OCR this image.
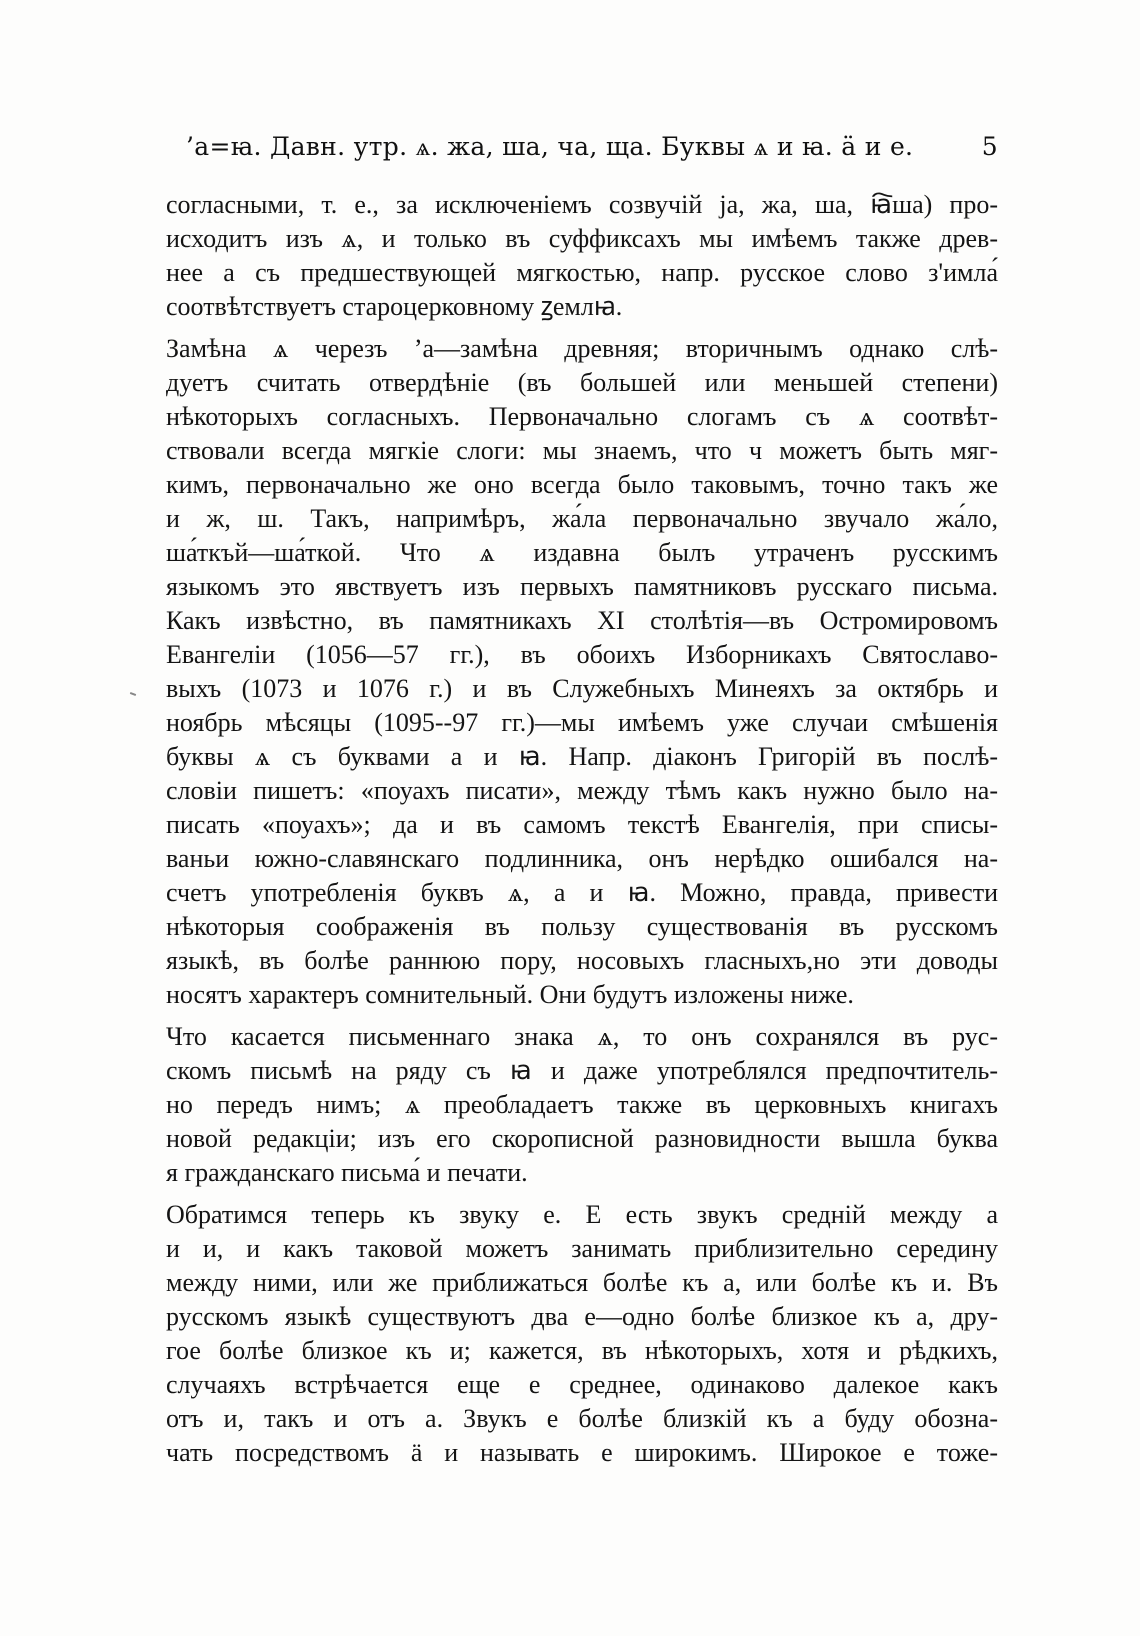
’а=ꙗ. Давн. утр. ѧ. жа, ша, ча, ща. Буквы ѧ и ꙗ. ӓ и е.	5
согласными, т. е., за исключеніемъ созвучій ја, жа, ша, ꙗ҇ша) про-
исходитъ изъ ѧ, и только въ суффиксахъ мы имѣемъ также древ-
нее а съ предшествующей мягкостью, напр. русское слово з'имла́
соотвѣтствуетъ староцерковному ꙁемлꙗ.
Замѣна ѧ черезъ ’а—замѣна древняя; вторичнымъ однако слѣ-
дуетъ считать отвердѣніе (въ большей или меньшей степени)
нѣкоторыхъ согласныхъ. Первоначально слогамъ съ ѧ соотвѣт-
ствовали всегда мягкіе слоги: мы знаемъ, что ч можетъ быть мяг-
кимъ, первоначально же оно всегда было таковымъ, точно такъ же
и ж, ш. Такъ, напримѣръ, жа́ла первоначально звучало жа́ло,
ша́ткъй—ша́ткой. Что ѧ издавна былъ утраченъ русскимъ
языкомъ это явствуетъ изъ первыхъ памятниковъ русскаго письма.
Какъ извѣстно, въ памятникахъ XI столѣтія—въ Остромировомъ
Евангеліи (1056—57 гг.), въ обоихъ Изборникахъ Святославо-
выхъ (1073 и 1076 г.) и въ Служебныхъ Минеяхъ за октябрь и
ноябрь мѣсяцы (1095--97 гг.)—мы имѣемъ уже случаи смѣшенія
буквы ѧ съ буквами а и ꙗ. Напр. діаконъ Григорій въ послѣ-
словіи пишетъ: «поуахъ писати», между тѣмъ какъ нужно было на-
писать «поуахъ»; да и въ самомъ текстѣ Евангелія, при списы-
ваньи южно-славянскаго подлинника, онъ нерѣдко ошибался на-
счетъ употребленія буквъ ѧ, а и ꙗ. Можно, правда, привести
нѣкоторыя соображенія въ пользу существованія въ русскомъ
языкѣ, въ болѣе раннюю пору, носовыхъ гласныхъ,но эти доводы
носятъ характеръ сомнительный. Они будутъ изложены ниже.
Что касается письменнаго знака ѧ, то онъ сохранялся въ рус-
скомъ письмѣ на ряду съ ꙗ и даже употреблялся предпочтитель-
но передъ нимъ; ѧ преобладаетъ также въ церковныхъ книгахъ
новой редакціи; изъ его скорописной разновидности вышла буква
я гражданскаго письма́ и печати.
Обратимся теперь къ звуку е. Е есть звукъ средній между а
и и, и какъ таковой можетъ занимать приблизительно середину
между ними, или же приближаться болѣе къ а, или болѣе къ и. Въ
русскомъ языкѣ существуютъ два е—одно болѣе близкое къ а, дру-
гое болѣе близкое къ и; кажется, въ нѣкоторыхъ, хотя и рѣдкихъ,
случаяхъ встрѣчается еще е среднее, одинаково далекое какъ
отъ и, такъ и отъ а. Звукъ е болѣе близкій къ а буду обозна-
чать посредствомъ ӓ и называть е широкимъ. Широкое е тоже-
